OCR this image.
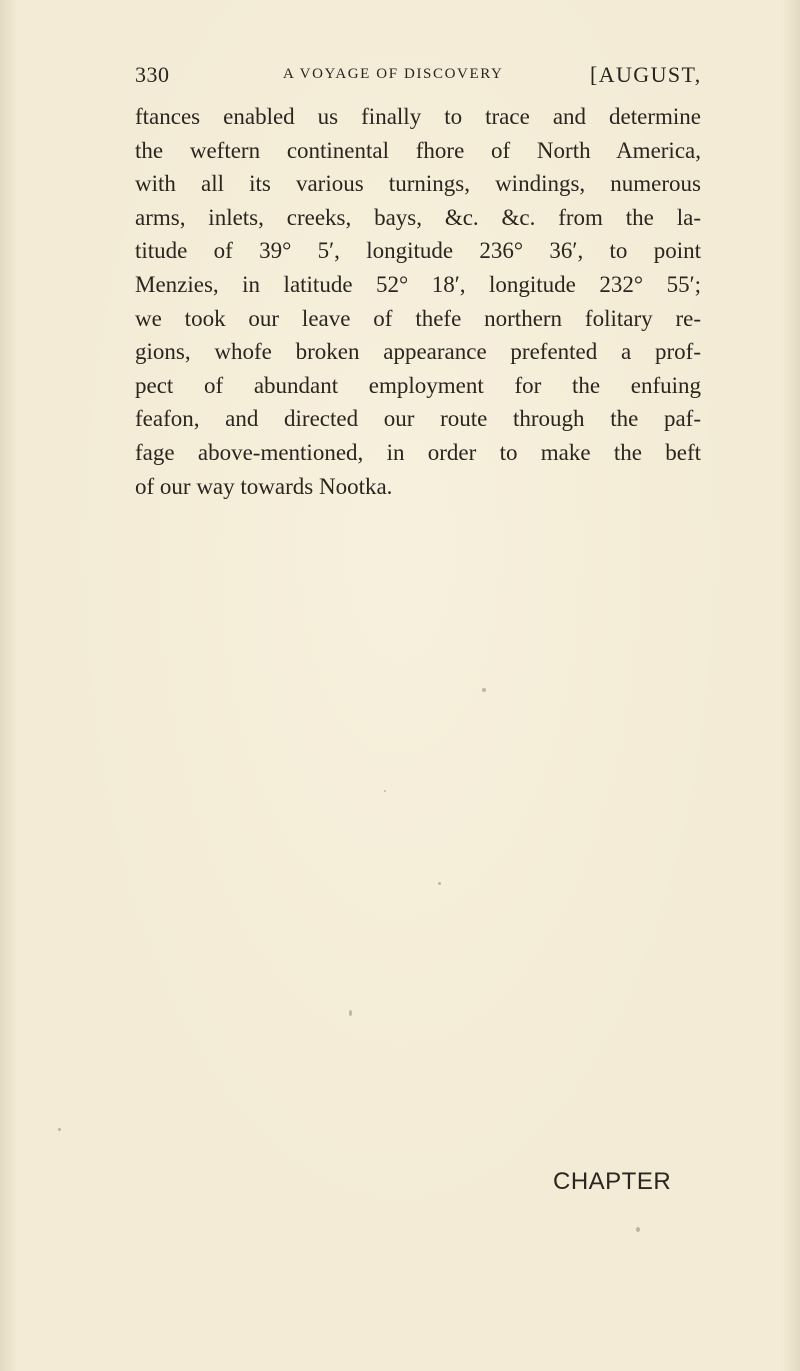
330	A VOYAGE OF DISCOVERY	[AUGUST,
ftances enabled us finally to trace and determine
the weftern continental fhore of North America,
with all its various turnings, windings, numerous
arms, inlets, creeks, bays, &c. &c. from the la-
titude of 39° 5′, longitude 236° 36′, to point
Menzies, in latitude 52° 18′, longitude 232° 55′;
we took our leave of thefe northern folitary re-
gions, whofe broken appearance prefented a prof-
pect of abundant employment for the enfuing
feafon, and directed our route through the paf-
fage above-mentioned, in order to make the beft
of our way towards Nootka.
CHAPTER
